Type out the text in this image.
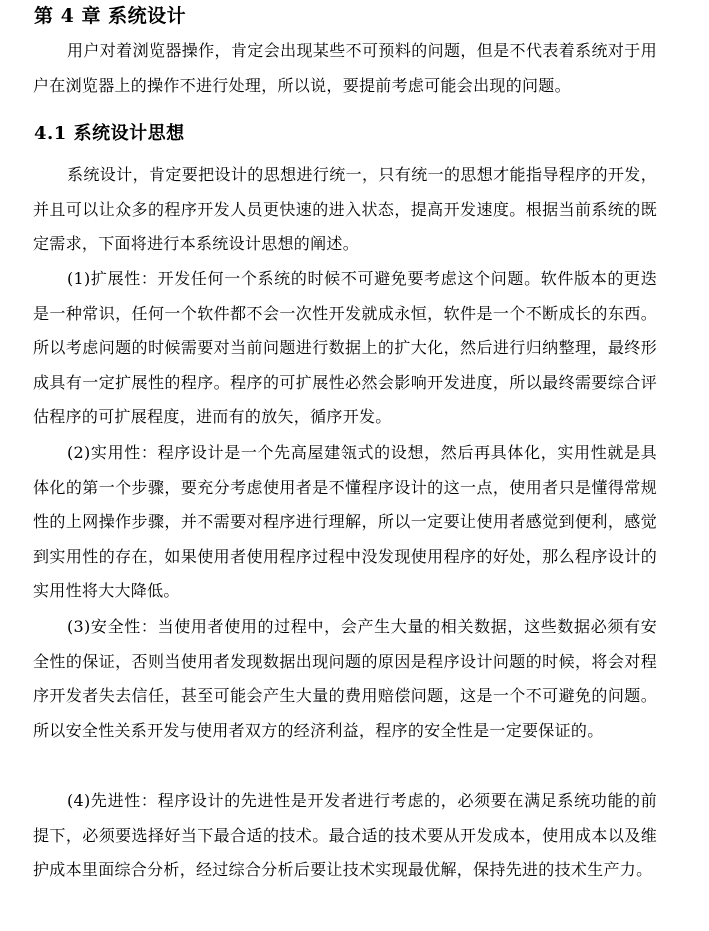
第 4 章 系统设计

用户对着浏览器操作，肯定会出现某些不可预料的问题，但是不代表着系统对于用户在浏览器上的操作不进行处理，所以说，要提前考虑可能会出现的问题。

4.1 系统设计思想

系统设计，肯定要把设计的思想进行统一，只有统一的思想才能指导程序的开发，并且可以让众多的程序开发人员更快速的进入状态，提高开发速度。根据当前系统的既定需求，下面将进行本系统设计思想的阐述。

(1)扩展性：开发任何一个系统的时候不可避免要考虑这个问题。软件版本的更迭是一种常识，任何一个软件都不会一次性开发就成永恒，软件是一个不断成长的东西。所以考虑问题的时候需要对当前问题进行数据上的扩大化，然后进行归纳整理，最终形成具有一定扩展性的程序。程序的可扩展性必然会影响开发进度，所以最终需要综合评估程序的可扩展程度，进而有的放矢，循序开发。

(2)实用性：程序设计是一个先高屋建瓴式的设想，然后再具体化，实用性就是具体化的第一个步骤，要充分考虑使用者是不懂程序设计的这一点，使用者只是懂得常规性的上网操作步骤，并不需要对程序进行理解，所以一定要让使用者感觉到便利，感觉到实用性的存在，如果使用者使用程序过程中没发现使用程序的好处，那么程序设计的实用性将大大降低。

(3)安全性：当使用者使用的过程中，会产生大量的相关数据，这些数据必须有安全性的保证，否则当使用者发现数据出现问题的原因是程序设计问题的时候，将会对程序开发者失去信任，甚至可能会产生大量的费用赔偿问题，这是一个不可避免的问题。所以安全性关系开发与使用者双方的经济利益，程序的安全性是一定要保证的。

(4)先进性：程序设计的先进性是开发者进行考虑的，必须要在满足系统功能的前提下，必须要选择好当下最合适的技术。最合适的技术要从开发成本，使用成本以及维护成本里面综合分析，经过综合分析后要让技术实现最优解，保持先进的技术生产力。
